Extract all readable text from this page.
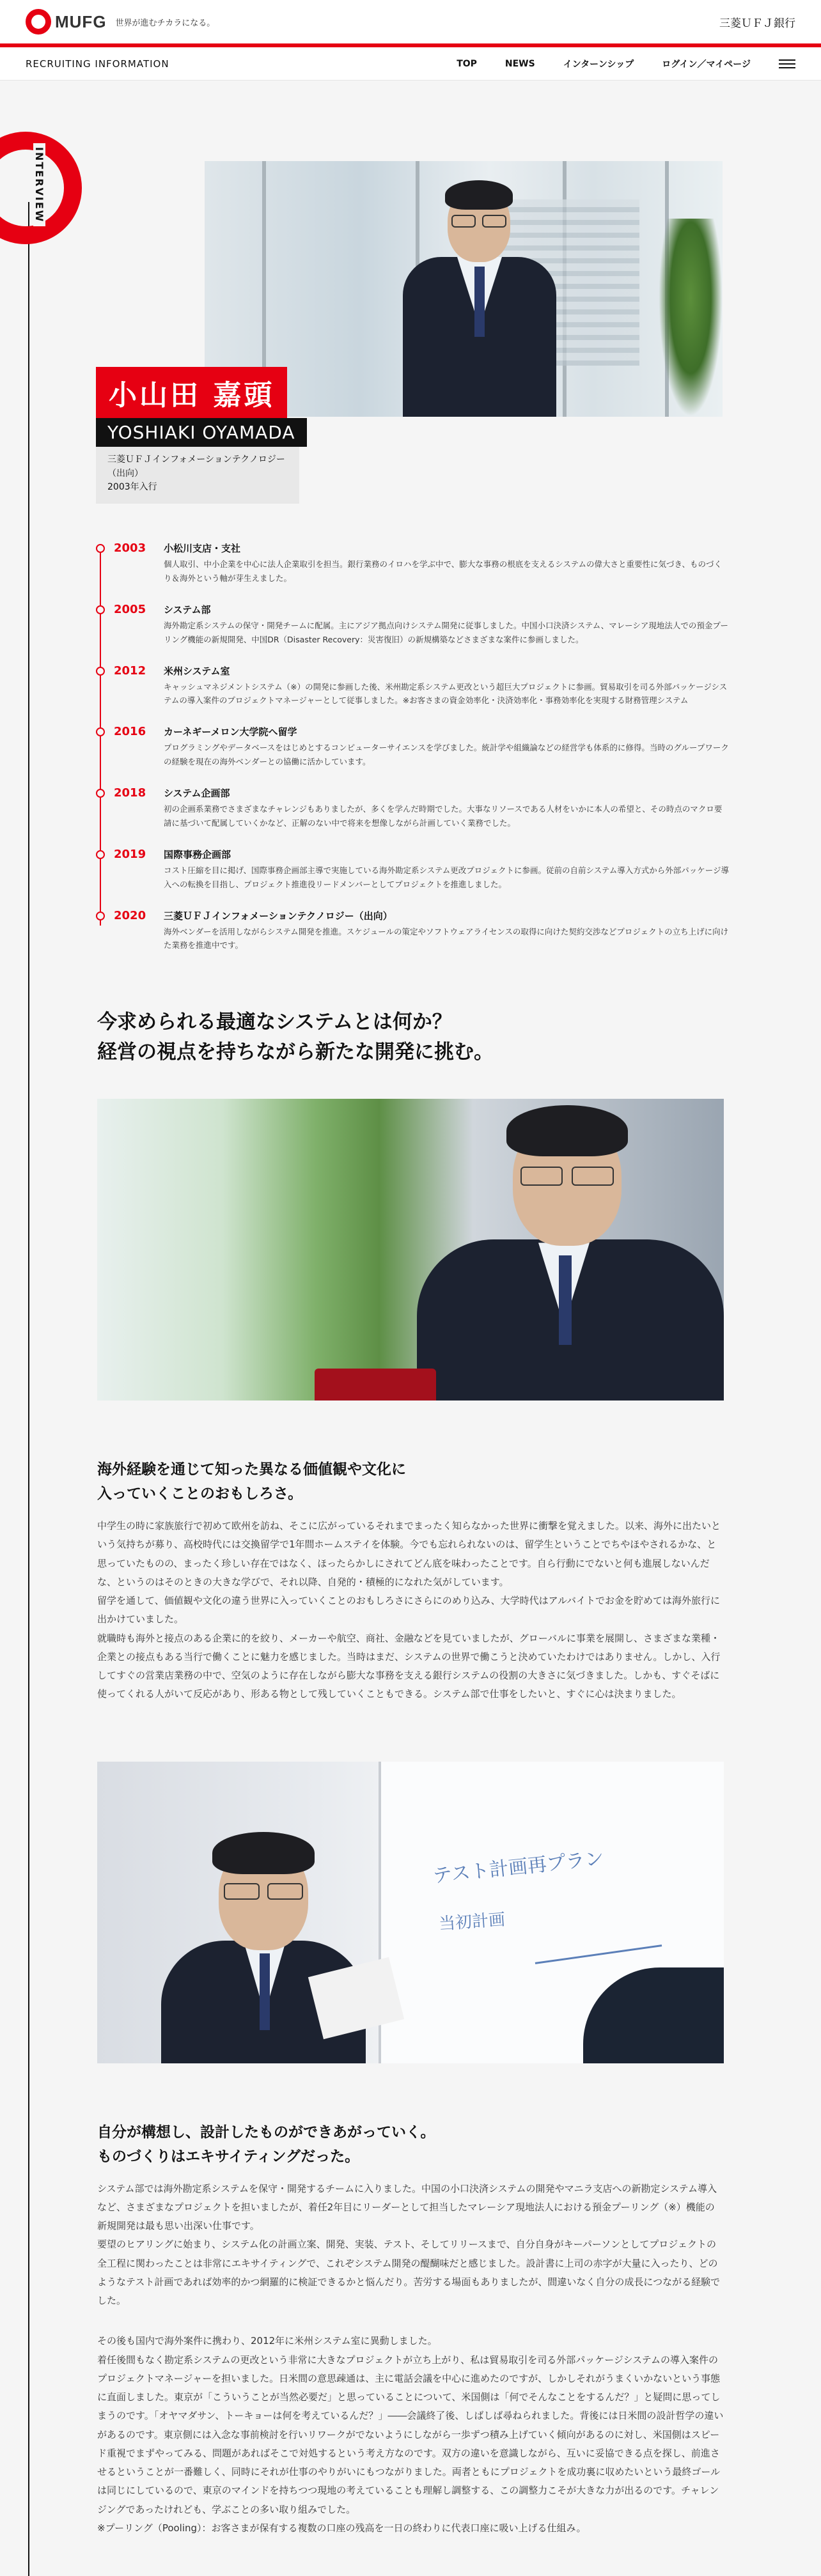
MUFG 世界が進むチカラになる。	三菱ＵＦＪ銀行
RECRUITING INFORMATION	TOP	NEWS	インターンシップ	ログイン／マイページ
INTERVIEW
小山田 嘉頭
YOSHIAKI OYAMADA

三菱ＵＦＪインフォメーションテクノロジー（出向）

2003年入行

2003	小松川支店・支社
個人取引、中小企業を中心に法人企業取引を担当。銀行業務のイロハを学ぶ中で、膨大な事務の根底を支えるシステムの偉大さと重要性に気づき、ものづくり＆海外という軸が芽生えました。
2005	システム部
海外勘定系システムの保守・開発チームに配属。主にアジア拠点向けシステム開発に従事しました。中国小口決済システム、マレーシア現地法人での預金プーリング機能の新規開発、中国DR（Disaster Recovery：災害復旧）の新規構築などさまざまな案件に参画しました。
2012	米州システム室
キャッシュマネジメントシステム（※）の開発に参画した後、米州勘定系システム更改という超巨大プロジェクトに参画。貿易取引を司る外部パッケージシステムの導入案件のプロジェクトマネージャーとして従事しました。※お客さまの資金効率化・決済効率化・事務効率化を実現する財務管理システム
2016	カーネギーメロン大学院へ留学
プログラミングやデータベースをはじめとするコンピューターサイエンスを学びました。統計学や組織論などの経営学も体系的に修得。当時のグループワークの経験を現在の海外ベンダーとの協働に活かしています。
2018	システム企画部
初の企画系業務でさまざまなチャレンジもありましたが、多くを学んだ時期でした。大事なリソースである人材をいかに本人の希望と、その時点のマクロ要請に基づいて配属していくかなど、正解のない中で将来を想像しながら計画していく業務でした。
2019	国際事務企画部
コスト圧縮を目に掲げ、国際事務企画部主導で実施している海外勘定系システム更改プロジェクトに参画。従前の自前システム導入方式から外部パッケージ導入への転換を目指し、プロジェクト推進役リードメンバーとしてプロジェクトを推進しました。
2020	三菱ＵＦＪインフォメーションテクノロジー（出向）
海外ベンダーを活用しながらシステム開発を推進。スケジュールの策定やソフトウェアライセンスの取得に向けた契約交渉などプロジェクトの立ち上げに向けた業務を推進中です。
今求められる最適なシステムとは何か？
経営の視点を持ちながら新たな開発に挑む。
海外経験を通じて知った異なる価値観や文化に
入っていくことのおもしろさ。

中学生の時に家族旅行で初めて欧州を訪ね、そこに広がっているそれまでまったく知らなかった世界に衝撃を覚えました。以来、海外に出たいという気持ちが募り、高校時代には交換留学で1年間ホームステイを体験。今でも忘れられないのは、留学生ということでちやほやされるかな、と思っていたものの、まったく珍しい存在ではなく、ほったらかしにされてどん底を味わったことです。自ら行動にでないと何も進展しないんだな、というのはそのときの大きな学びで、それ以降、自発的・積極的になれた気がしています。

留学を通して、価値観や文化の違う世界に入っていくことのおもしろさにさらにのめり込み、大学時代はアルバイトでお金を貯めては海外旅行に出かけていました。

就職時も海外と接点のある企業に的を絞り、メーカーや航空、商社、金融などを見ていましたが、グローバルに事業を展開し、さまざまな業種・企業との接点もある当行で働くことに魅力を感じました。当時はまだ、システムの世界で働こうと決めていたわけではありません。しかし、入行してすぐの営業店業務の中で、空気のように存在しながら膨大な事務を支える銀行システムの役割の大きさに気づきました。しかも、すぐそばに使ってくれる人がいて反応があり、形ある物として残していくこともできる。システム部で仕事をしたいと、すぐに心は決まりました。

テスト計画再プラン
当初計画
自分が構想し、設計したものができあがっていく。
ものづくりはエキサイティングだった。

システム部では海外勘定系システムを保守・開発するチームに入りました。中国の小口決済システムの開発やマニラ支店への新勘定システム導入など、さまざまなプロジェクトを担いましたが、着任2年目にリーダーとして担当したマレーシア現地法人における預金プーリング（※）機能の新規開発は最も思い出深い仕事です。

要望のヒアリングに始まり、システム化の計画立案、開発、実装、テスト、そしてリリースまで、自分自身がキーパーソンとしてプロジェクトの全工程に関わったことは非常にエキサイティングで、これぞシステム開発の醍醐味だと感じました。設計書に上司の赤字が大量に入ったり、どのようなテスト計画であれば効率的かつ網羅的に検証できるかと悩んだり。苦労する場面もありましたが、間違いなく自分の成長につながる経験でした。

その後も国内で海外案件に携わり、2012年に米州システム室に異動しました。

着任後間もなく勘定系システムの更改という非常に大きなプロジェクトが立ち上がり、私は貿易取引を司る外部パッケージシステムの導入案件のプロジェクトマネージャーを担いました。日米間の意思疎通は、主に電話会議を中心に進めたのですが、しかしそれがうまくいかないという事態に直面しました。東京が「こういうことが当然必要だ」と思っていることについて、米国側は「何でそんなことをするんだ？」と疑問に思ってしまうのです。「オヤマダサン、トーキョーは何を考えているんだ？」――会議終了後、しばしば尋ねられました。背後には日米間の設計哲学の違いがあるのです。東京側には入念な事前検討を行いリワークがでないようにしながら一歩ずつ積み上げていく傾向があるのに対し、米国側はスピード重視でまずやってみる、問題があればそこで対処するという考え方なのです。双方の違いを意識しながら、互いに妥協できる点を探し、前進させるということが一番難しく、同時にそれが仕事のやりがいにもつながりました。両者ともにプロジェクトを成功裏に収めたいという最終ゴールは同じにしているので、東京のマインドを持ちつつ現地の考えていることも理解し調整する、この調整力こそが大きな力が出るのです。チャレンジングであったけれども、学ぶことの多い取り組みでした。

※プーリング（Pooling）：お客さまが保有する複数の口座の残高を一日の終わりに代表口座に吸い上げる仕組み。
